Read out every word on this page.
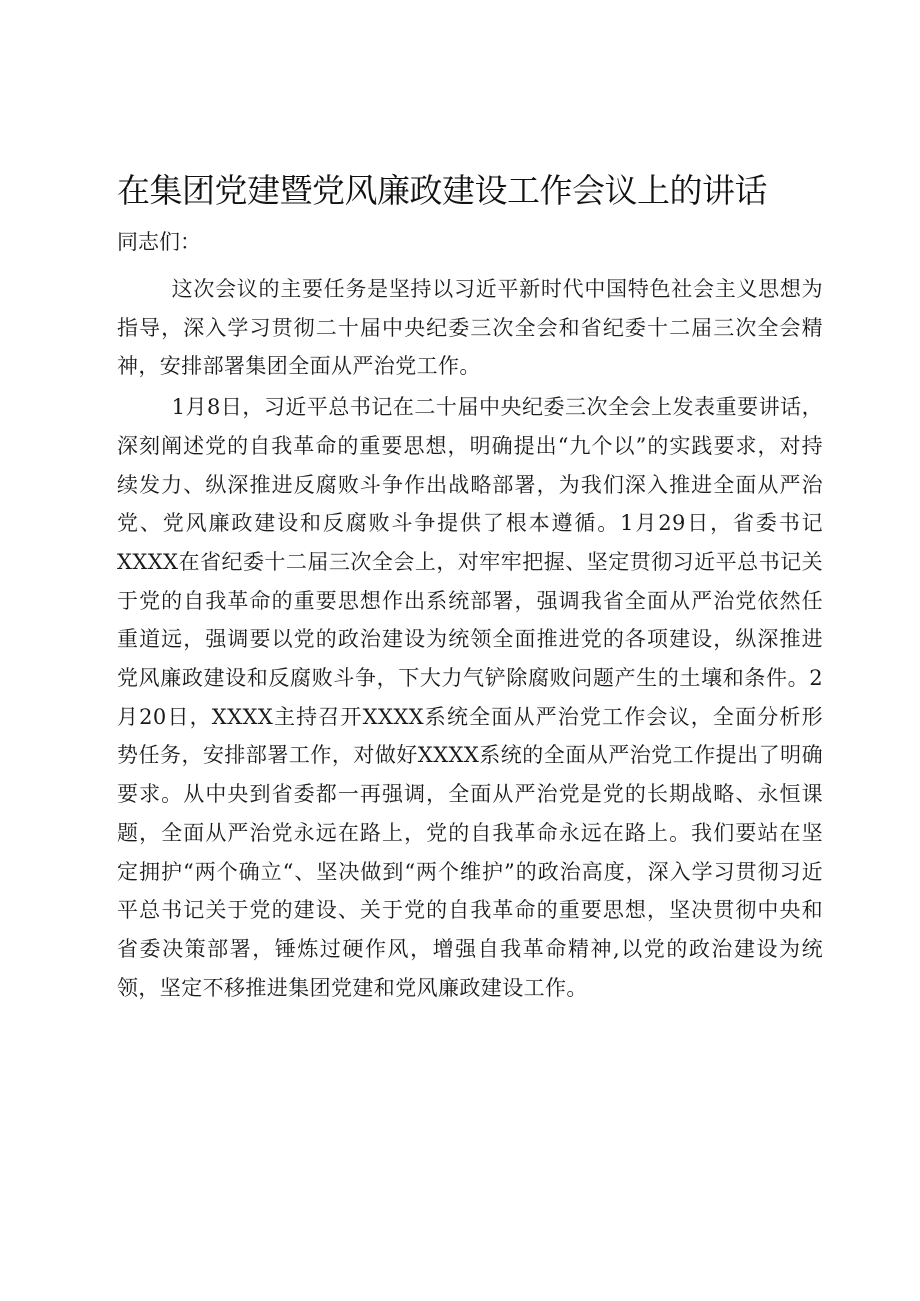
在集团党建暨党风廉政建设工作会议上的讲话

同志们：

这次会议的主要任务是坚持以习近平新时代中国特色社会主义思想为指导，深入学习贯彻二十届中央纪委三次全会和省纪委十二届三次全会精神，安排部署集团全面从严治党工作。

1月8日，习近平总书记在二十届中央纪委三次全会上发表重要讲话，深刻阐述党的自我革命的重要思想，明确提出“九个以”的实践要求，对持续发力、纵深推进反腐败斗争作出战略部署，为我们深入推进全面从严治党、党风廉政建设和反腐败斗争提供了根本遵循。1月29日，省委书记XXXX在省纪委十二届三次全会上，对牢牢把握、坚定贯彻习近平总书记关于党的自我革命的重要思想作出系统部署，强调我省全面从严治党依然任重道远，强调要以党的政治建设为统领全面推进党的各项建设，纵深推进党风廉政建设和反腐败斗争，下大力气铲除腐败问题产生的土壤和条件。2月20日，XXXX主持召开XXXX系统全面从严治党工作会议，全面分析形势任务，安排部署工作，对做好XXXX系统的全面从严治党工作提出了明确要求。从中央到省委都一再强调，全面从严治党是党的长期战略、永恒课题，全面从严治党永远在路上，党的自我革命永远在路上。我们要站在坚定拥护“两个确立“、坚决做到“两个维护”的政治高度，深入学习贯彻习近平总书记关于党的建设、关于党的自我革命的重要思想，坚决贯彻中央和省委决策部署，锤炼过硬作风，增强自我革命精神,以党的政治建设为统领，坚定不移推进集团党建和党风廉政建设工作。
